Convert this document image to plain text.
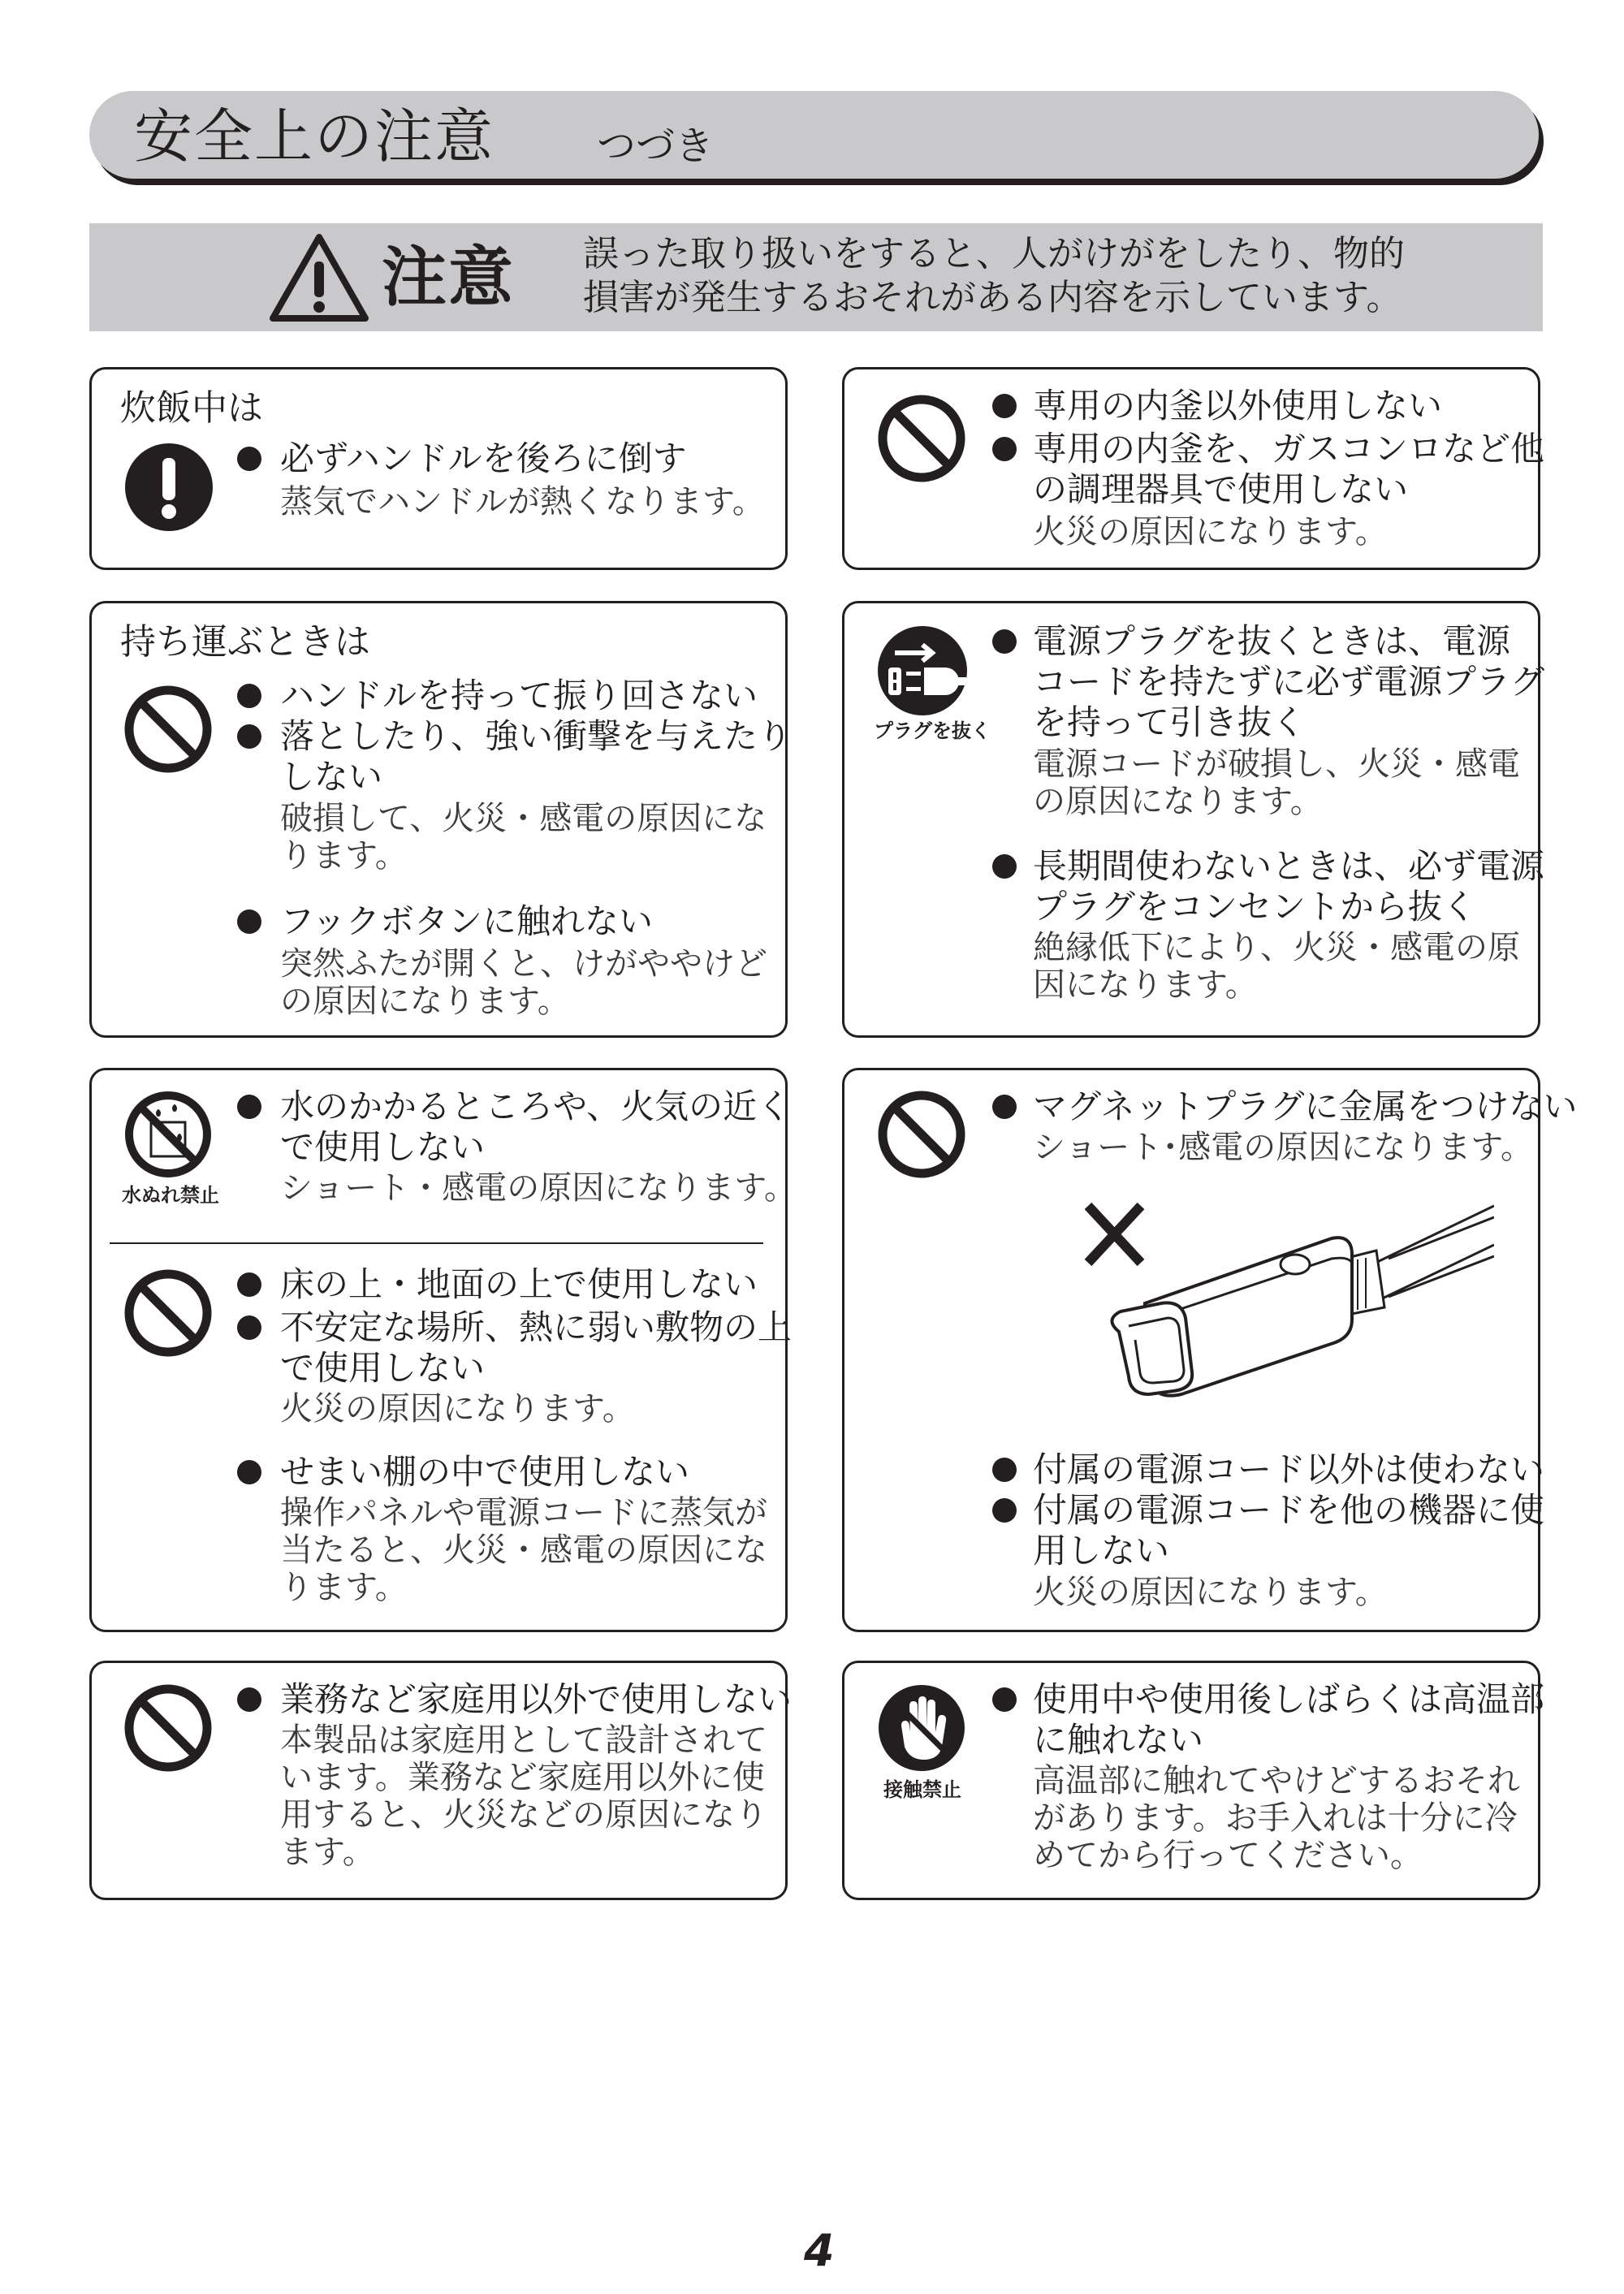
安全上の注意	つづき
注意 誤った取り扱いをすると、人がけがをしたり、物的
損害が発生するおそれがある内容を示しています。
炊飯中は
必ずハンドルを後ろに倒す
蒸気でハンドルが熱くなります。
専用の内釜以外使用しない
専用の内釜を、ガスコンロなど他
の調理器具で使用しない
火災の原因になります。
持ち運ぶときは
ハンドルを持って振り回さない
落としたり、強い衝撃を与えたり
しない
破損して、火災・感電の原因にな
ります。
フックボタンに触れない
突然ふたが開くと、けがややけど
の原因になります。
プラグを抜く
電源プラグを抜くときは、電源
コードを持たずに必ず電源プラグ
を持って引き抜く
電源コードが破損し、火災・感電
の原因になります。
長期間使わないときは、必ず電源
プラグをコンセントから抜く
絶縁低下により、火災・感電の原
因になります。
水ぬれ禁止
水のかかるところや、火気の近く
で使用しない
ショート・感電の原因になります。
床の上・地面の上で使用しない
不安定な場所、熱に弱い敷物の上
で使用しない
火災の原因になります。
せまい棚の中で使用しない
操作パネルや電源コードに蒸気が
当たると、火災・感電の原因にな
ります。
マグネットプラグに金属をつけない
ショート･感電の原因になります。
付属の電源コード以外は使わない
付属の電源コードを他の機器に使
用しない
火災の原因になります。
業務など家庭用以外で使用しない
本製品は家庭用として設計されて
います。業務など家庭用以外に使
用すると、火災などの原因になり
ます。
接触禁止
使用中や使用後しばらくは高温部
に触れない
高温部に触れてやけどするおそれ
があります。お手入れは十分に冷
めてから行ってください。
4
